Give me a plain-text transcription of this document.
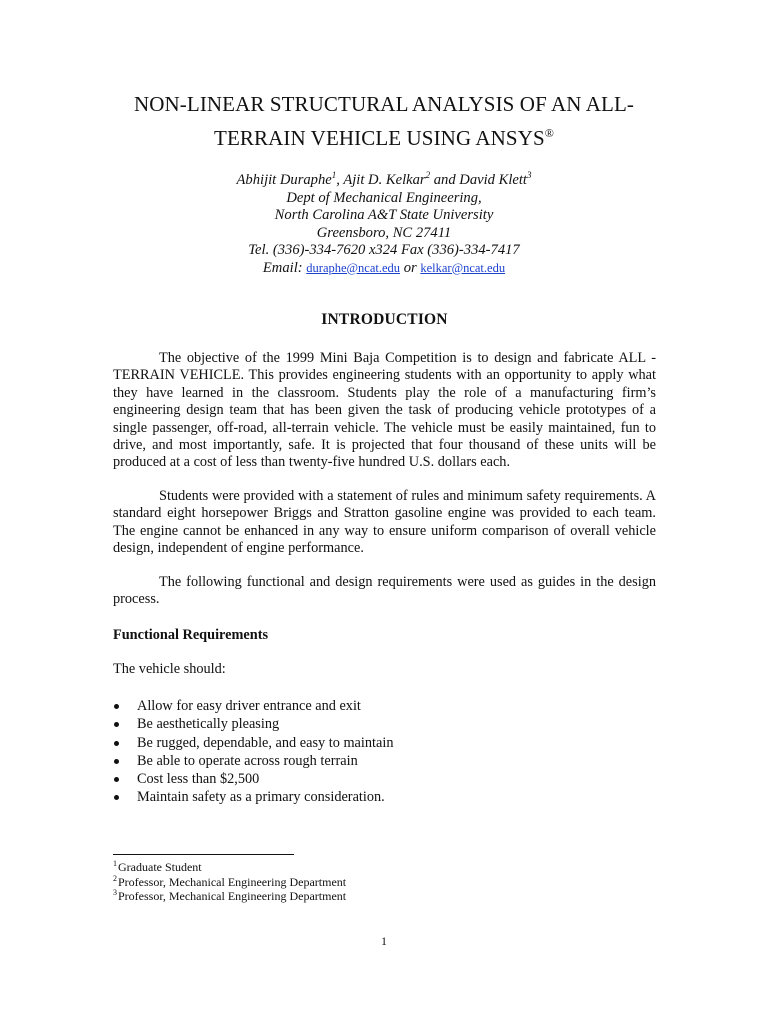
NON-LINEAR STRUCTURAL ANALYSIS OF AN ALL-
TERRAIN VEHICLE USING ANSYS®
Abhijit Duraphe$^1$, Ajit D. Kelkar$^2$ and David Klett$^3$
Dept of Mechanical Engineering,
North Carolina A&T State University
Greensboro, NC 27411
Tel. (336)-334-7620 x324 Fax (336)-334-7417
Email: duraphe@ncat.edu or kelkar@ncat.edu
INTRODUCTION

The objective of the 1999 Mini Baja Competition is to design and fabricate ALL - TERRAIN VEHICLE. This provides engineering students with an opportunity to apply what they have learned in the classroom. Students play the role of a manufacturing firm’s engineering design team that has been given the task of producing vehicle prototypes of a single passenger, off-road, all-terrain vehicle. The vehicle must be easily maintained, fun to drive, and most importantly, safe. It is projected that four thousand of these units will be produced at a cost of less than twenty-five hundred U.S. dollars each.

Students were provided with a statement of rules and minimum safety requirements. A standard eight horsepower Briggs and Stratton gasoline engine was provided to each team. The engine cannot be enhanced in any way to ensure uniform comparison of overall vehicle design, independent of engine performance.

The following functional and design requirements were used as guides in the design process.

Functional Requirements
The vehicle should:
Allow for easy driver entrance and exit
Be aesthetically pleasing
Be rugged, dependable, and easy to maintain
Be able to operate across rough terrain
Cost less than $2,500
Maintain safety as a primary consideration.
$^1$Graduate Student
$^2$Professor, Mechanical Engineering Department
$^3$Professor, Mechanical Engineering Department
1
